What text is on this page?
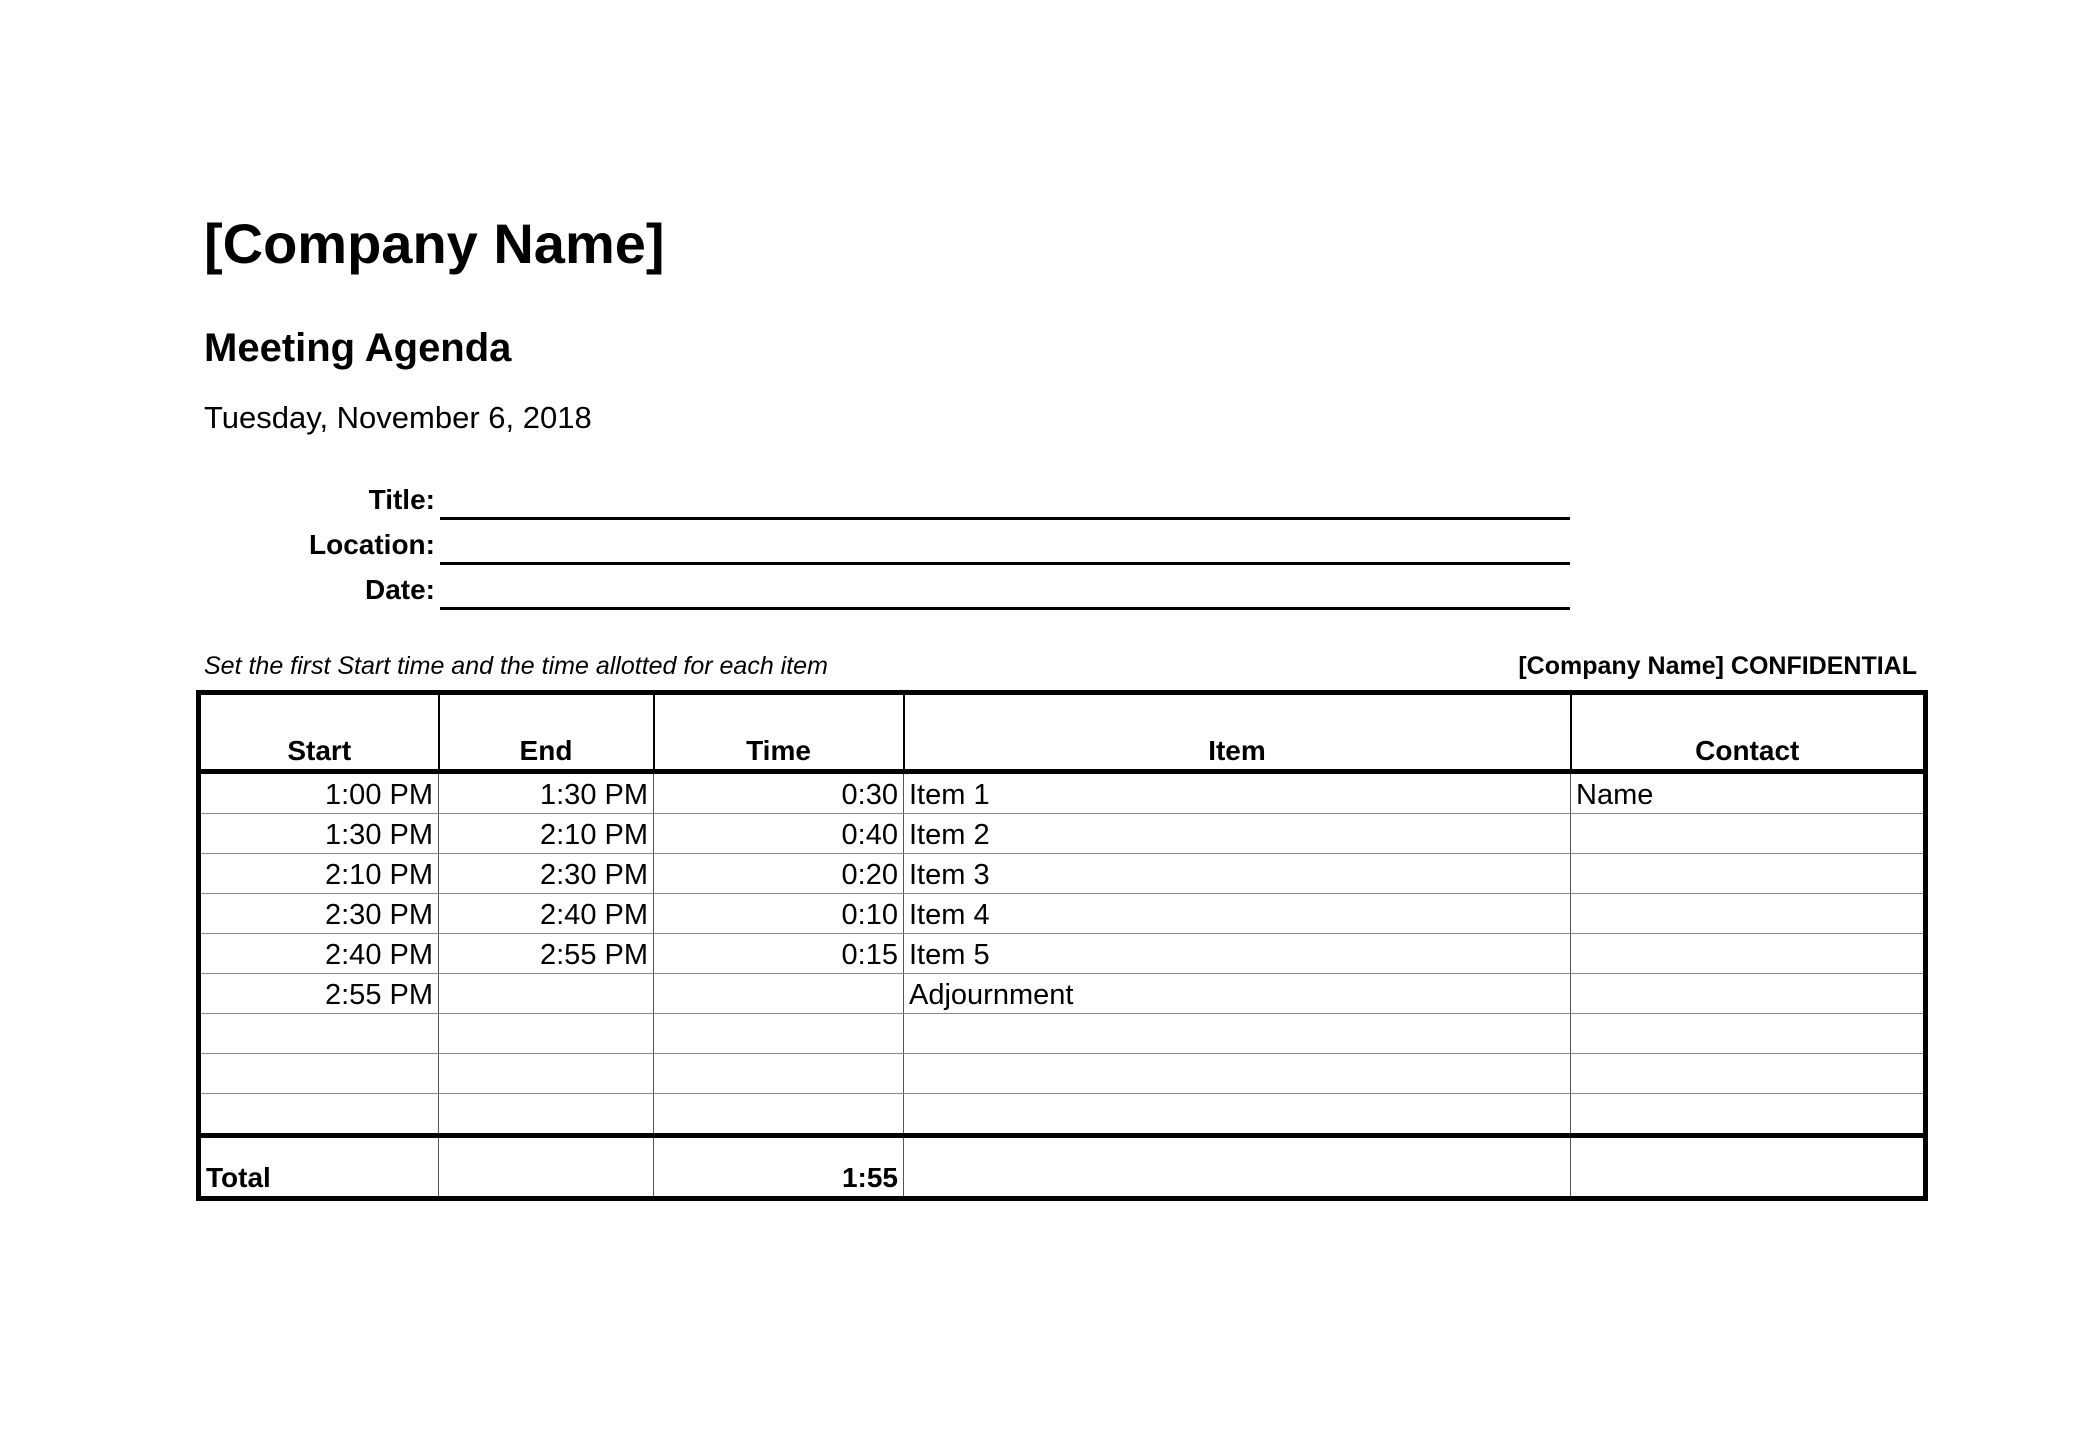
[Company Name]
Meeting Agenda
Tuesday, November 6, 2018
Title:
Location:
Date:
Set the first Start time and the time allotted for each item	[Company Name] CONFIDENTIAL
Start	End	Time	Item	Contact
1:00 PM	1:30 PM	0:30	Item 1	Name
1:30 PM	2:10 PM	0:40	Item 2	
2:10 PM	2:30 PM	0:20	Item 3	
2:30 PM	2:40 PM	0:10	Item 4	
2:40 PM	2:55 PM	0:15	Item 5	
2:55 PM			Adjournment	

Total		1:55		
